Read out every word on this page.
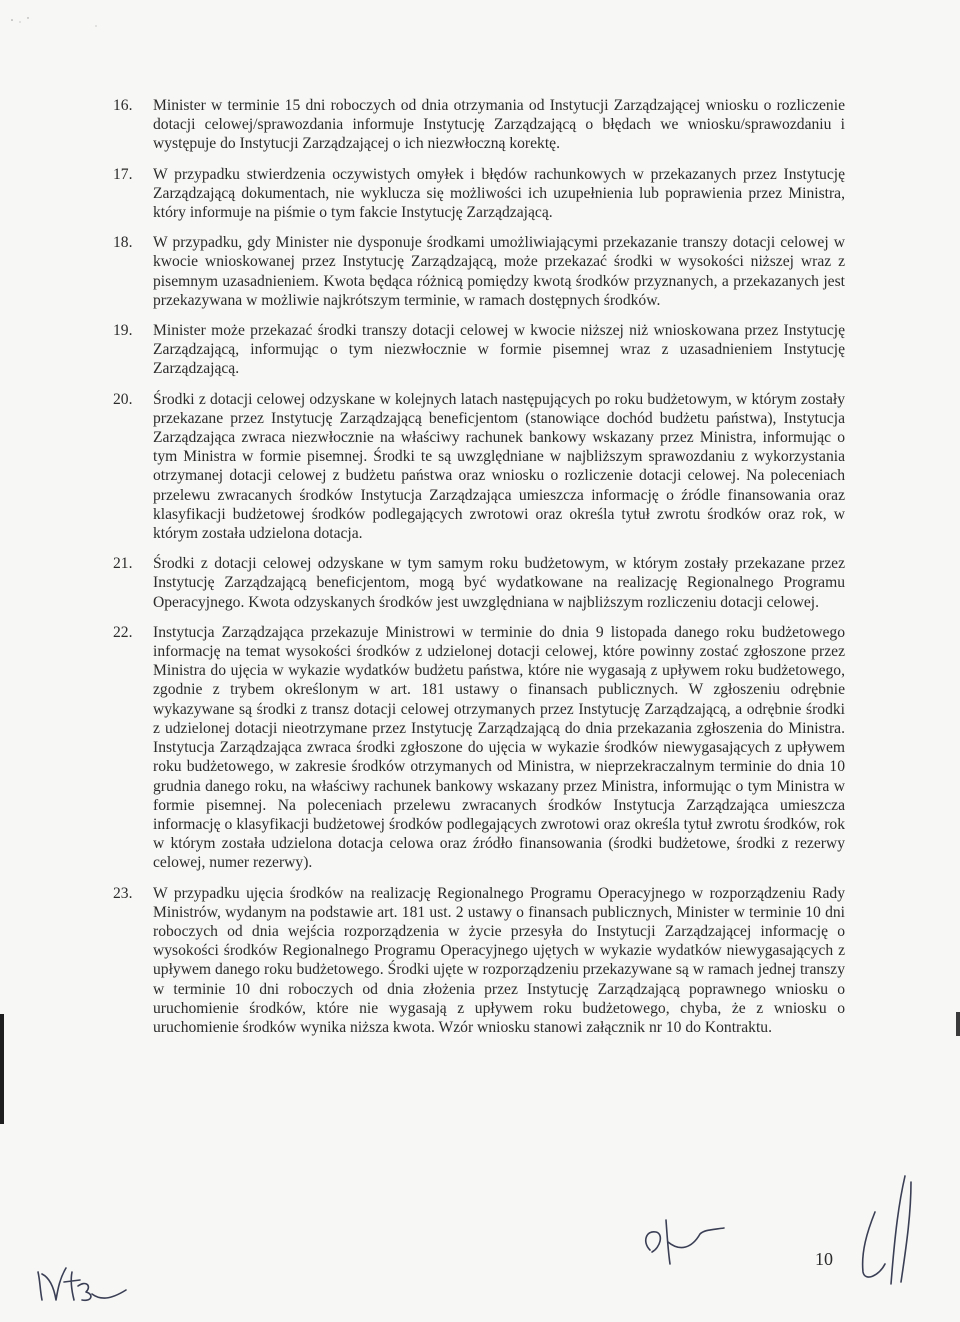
16.	Minister w terminie 15 dni roboczych od dnia otrzymania od Instytucji Zarządzającej wniosku o rozliczenie dotacji celowej/sprawozdania informuje Instytucję Zarządzającą o błędach we wniosku/sprawozdaniu i występuje do Instytucji Zarządzającej o ich niezwłoczną korektę.
17.	W przypadku stwierdzenia oczywistych omyłek i błędów rachunkowych w przekazanych przez Instytucję Zarządzającą dokumentach, nie wyklucza się możliwości ich uzupełnienia lub poprawienia przez Ministra, który informuje na piśmie o tym fakcie Instytucję Zarządzającą.
18.	W przypadku, gdy Minister nie dysponuje środkami umożliwiającymi przekazanie transzy dotacji celowej w kwocie wnioskowanej przez Instytucję Zarządzającą, może przekazać środki w wysokości niższej wraz z pisemnym uzasadnieniem. Kwota będąca różnicą pomiędzy kwotą środków przyznanych, a przekazanych jest przekazywana w możliwie najkrótszym terminie, w ramach dostępnych środków.
19.	Minister może przekazać środki transzy dotacji celowej w kwocie niższej niż wnioskowana przez Instytucję Zarządzającą, informując o tym niezwłocznie w formie pisemnej wraz z uzasadnieniem Instytucję Zarządzającą.
20.	Środki z dotacji celowej odzyskane w kolejnych latach następujących po roku budżetowym, w którym zostały przekazane przez Instytucję Zarządzającą beneficjentom (stanowiące dochód budżetu państwa), Instytucja Zarządzająca zwraca niezwłocznie na właściwy rachunek bankowy wskazany przez Ministra, informując o tym Ministra w formie pisemnej. Środki te są uwzględniane w najbliższym sprawozdaniu z wykorzystania otrzymanej dotacji celowej z budżetu państwa oraz wniosku o rozliczenie dotacji celowej. Na poleceniach przelewu zwracanych środków Instytucja Zarządzająca umieszcza informację o źródle finansowania oraz klasyfikacji budżetowej środków podlegających zwrotowi oraz określa tytuł zwrotu środków oraz rok, w którym została udzielona dotacja.
21.	Środki z dotacji celowej odzyskane w tym samym roku budżetowym, w którym zostały przekazane przez Instytucję Zarządzającą beneficjentom, mogą być wydatkowane na realizację Regionalnego Programu Operacyjnego. Kwota odzyskanych środków jest uwzględniana w najbliższym rozliczeniu dotacji celowej.
22.	Instytucja Zarządzająca przekazuje Ministrowi w terminie do dnia 9 listopada danego roku budżetowego informację na temat wysokości środków z udzielonej dotacji celowej, które powinny zostać zgłoszone przez Ministra do ujęcia w wykazie wydatków budżetu państwa, które nie wygasają z upływem roku budżetowego, zgodnie z trybem określonym w art. 181 ustawy o finansach publicznych. W zgłoszeniu odrębnie wykazywane są środki z transz dotacji celowej otrzymanych przez Instytucję Zarządzającą, a odrębnie środki z udzielonej dotacji nieotrzymane przez Instytucję Zarządzającą do dnia przekazania zgłoszenia do Ministra. Instytucja Zarządzająca zwraca środki zgłoszone do ujęcia w wykazie środków niewygasających z upływem roku budżetowego, w zakresie środków otrzymanych od Ministra, w nieprzekraczalnym terminie do dnia 10 grudnia danego roku, na właściwy rachunek bankowy wskazany przez Ministra, informując o tym Ministra w formie pisemnej. Na poleceniach przelewu zwracanych środków Instytucja Zarządzająca umieszcza informację o klasyfikacji budżetowej środków podlegających zwrotowi oraz określa tytuł zwrotu środków, rok w którym została udzielona dotacja celowa oraz źródło finansowania (środki budżetowe, środki z rezerwy celowej, numer rezerwy).
23.	W przypadku ujęcia środków na realizację Regionalnego Programu Operacyjnego w rozporządzeniu Rady Ministrów, wydanym na podstawie art. 181 ust. 2 ustawy o finansach publicznych, Minister w terminie 10 dni roboczych od dnia wejścia rozporządzenia w życie przesyła do Instytucji Zarządzającej informację o wysokości środków Regionalnego Programu Operacyjnego ujętych w wykazie wydatków niewygasających z upływem danego roku budżetowego. Środki ujęte w rozporządzeniu przekazywane są w ramach jednej transzy w terminie 10 dni roboczych od dnia złożenia przez Instytucję Zarządzającą poprawnego wniosku o uruchomienie środków, które nie wygasają z upływem roku budżetowego, chyba, że z wniosku o uruchomienie środków wynika niższa kwota. Wzór wniosku stanowi załącznik nr 10 do Kontraktu.
10
